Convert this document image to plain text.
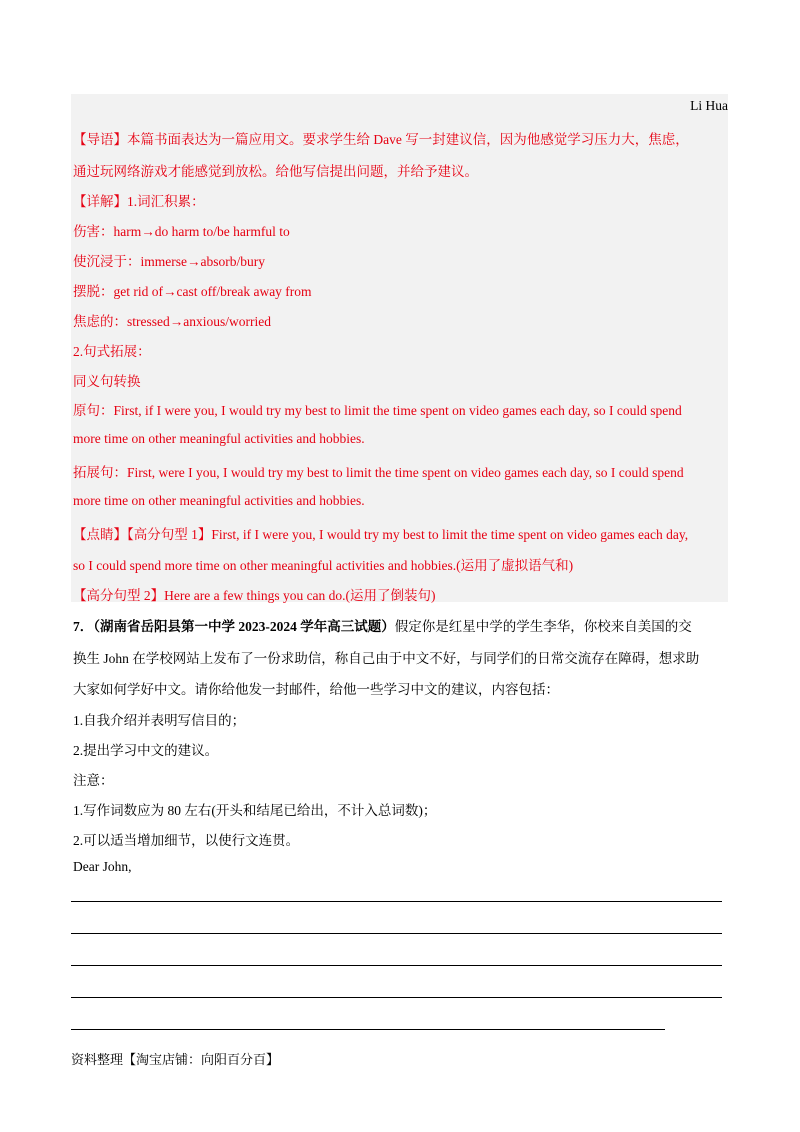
Li Hua
【导语】本篇书面表达为一篇应用文。要求学生给 Dave 写一封建议信，因为他感觉学习压力大，焦虑，
通过玩网络游戏才能感觉到放松。给他写信提出问题，并给予建议。
【详解】1.词汇积累：
伤害：harm→do harm to/be harmful to
使沉浸于：immerse→absorb/bury
摆脱：get rid of→cast off/break away from
焦虑的：stressed→anxious/worried
2.句式拓展：
同义句转换
原句：First, if I were you, I would try my best to limit the time spent on video games each day, so I could spend
more time on other meaningful activities and hobbies.
拓展句：First, were I you, I would try my best to limit the time spent on video games each day, so I could spend
more time on other meaningful activities and hobbies.
【点睛】【高分句型 1】First, if I were you, I would try my best to limit the time spent on video games each day,
so I could spend more time on other meaningful activities and hobbies.(运用了虚拟语气和)
【高分句型 2】Here are a few things you can do.(运用了倒装句)
7．（湖南省岳阳县第一中学 2023-2024 学年高三试题）假定你是红星中学的学生李华，你校来自美国的交
换生 John 在学校网站上发布了一份求助信，称自己由于中文不好，与同学们的日常交流存在障碍，想求助
大家如何学好中文。请你给他发一封邮件，给他一些学习中文的建议，内容包括：
1.自我介绍并表明写信目的；
2.提出学习中文的建议。
注意：
1.写作词数应为 80 左右(开头和结尾已给出，不计入总词数)；
2.可以适当增加细节，以使行文连贯。
Dear John,
资料整理【淘宝店铺：向阳百分百】
